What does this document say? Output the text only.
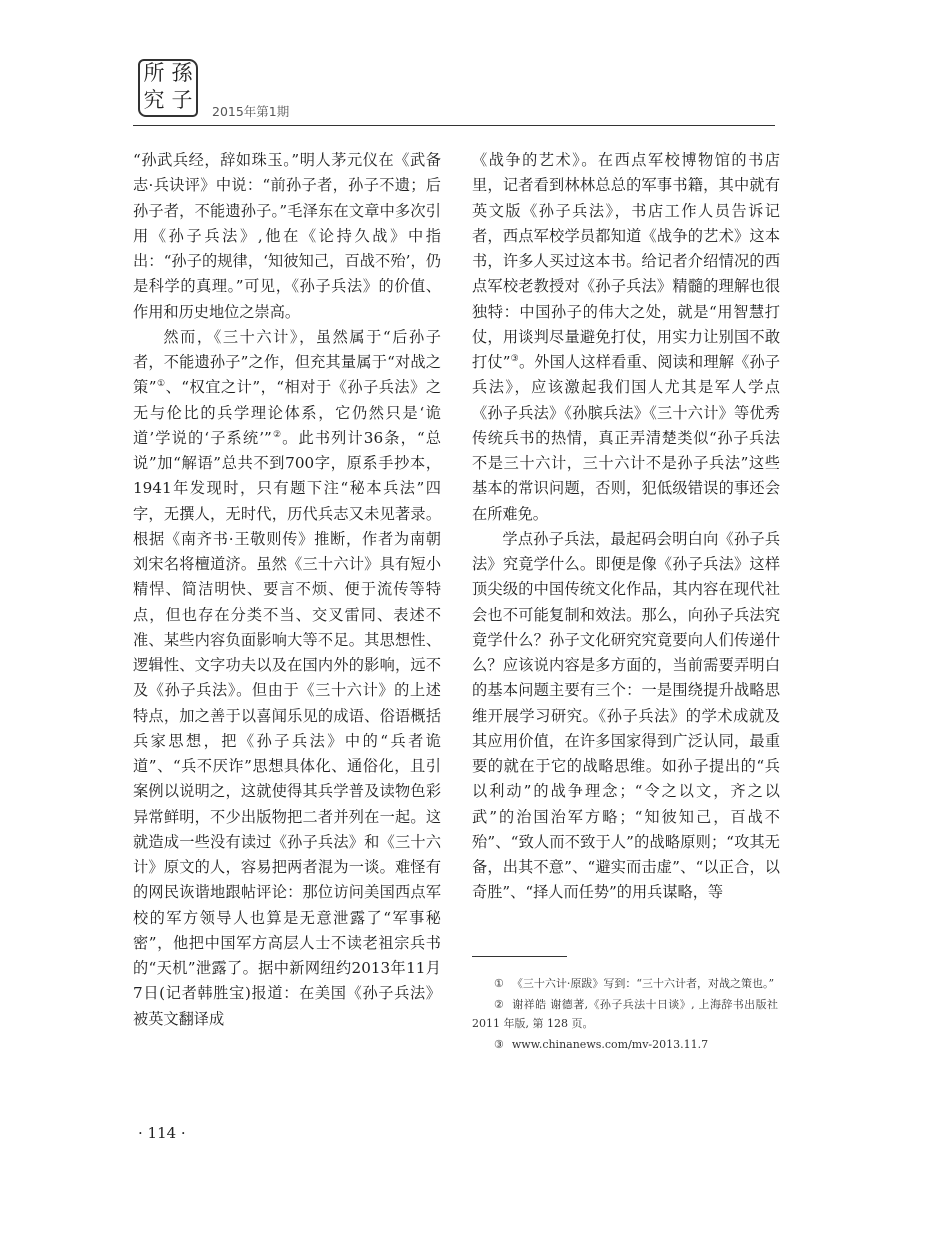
所 孫
究 子 2015年第1期

“孙武兵经，辞如珠玉。”明人茅元仪在《武备志·兵诀评》中说：“前孙子者，孙子不遗；后孙子者，不能遗孙子。”毛泽东在文章中多次引用《孙子兵法》,他在《论持久战》中指出：“孙子的规律，‘知彼知己，百战不殆’，仍是科学的真理。”可见，《孙子兵法》的价值、作用和历史地位之崇高。

然而，《三十六计》，虽然属于“后孙子者，不能遗孙子”之作，但充其量属于“对战之策”①、“权宜之计”，“相对于《孙子兵法》之无与伦比的兵学理论体系，它仍然只是‘诡道’学说的‘子系统’”②。此书列计36条，“总说”加“解语”总共不到700字，原系手抄本，1941年发现时，只有题下注“秘本兵法”四字，无撰人，无时代，历代兵志又未见著录。根据《南齐书·王敬则传》推断，作者为南朝刘宋名将檀道济。虽然《三十六计》具有短小精悍、简洁明快、要言不烦、便于流传等特点，但也存在分类不当、交叉雷同、表述不准、某些内容负面影响大等不足。其思想性、逻辑性、文字功夫以及在国内外的影响，远不及《孙子兵法》。但由于《三十六计》的上述特点，加之善于以喜闻乐见的成语、俗语概括兵家思想，把《孙子兵法》中的“兵者诡道”、“兵不厌诈”思想具体化、通俗化，且引案例以说明之，这就使得其兵学普及读物色彩异常鲜明，不少出版物把二者并列在一起。这就造成一些没有读过《孙子兵法》和《三十六计》原文的人，容易把两者混为一谈。难怪有的网民诙谐地跟帖评论：那位访问美国西点军校的军方领导人也算是无意泄露了“军事秘密”，他把中国军方高层人士不读老祖宗兵书的“天机”泄露了。据中新网纽约2013年11月7日(记者韩胜宝)报道：在美国《孙子兵法》被英文翻译成

《战争的艺术》。在西点军校博物馆的书店里，记者看到林林总总的军事书籍，其中就有英文版《孙子兵法》，书店工作人员告诉记者，西点军校学员都知道《战争的艺术》这本书，许多人买过这本书。给记者介绍情况的西点军校老教授对《孙子兵法》精髓的理解也很独特：中国孙子的伟大之处，就是“用智慧打仗，用谈判尽量避免打仗，用实力让别国不敢打仗”③。外国人这样看重、阅读和理解《孙子兵法》，应该激起我们国人尤其是军人学点《孙子兵法》《孙膑兵法》《三十六计》等优秀传统兵书的热情，真正弄清楚类似“孙子兵法不是三十六计，三十六计不是孙子兵法”这些基本的常识问题，否则，犯低级错误的事还会在所难免。

学点孙子兵法，最起码会明白向《孙子兵法》究竟学什么。即便是像《孙子兵法》这样顶尖级的中国传统文化作品，其内容在现代社会也不可能复制和效法。那么，向孙子兵法究竟学什么？孙子文化研究究竟要向人们传递什么？应该说内容是多方面的，当前需要弄明白的基本问题主要有三个：一是围绕提升战略思维开展学习研究。《孙子兵法》的学术成就及其应用价值，在许多国家得到广泛认同，最重要的就在于它的战略思维。如孙子提出的“兵以利动”的战争理念；“令之以文，齐之以武”的治国治军方略；“知彼知己，百战不殆”、“致人而不致于人”的战略原则；“攻其无备，出其不意”、“避实而击虚”、“以正合，以奇胜”、“择人而任势”的用兵谋略，等

① 《三十六计·原跋》写到：“三十六计者，对战之策也。”

② 谢祥皓 谢德著,《孙子兵法十日谈》, 上海辞书出版社 2011 年版, 第 128 页。

③ www.chinanews.com/mv-2013.11.7

· 114 ·
